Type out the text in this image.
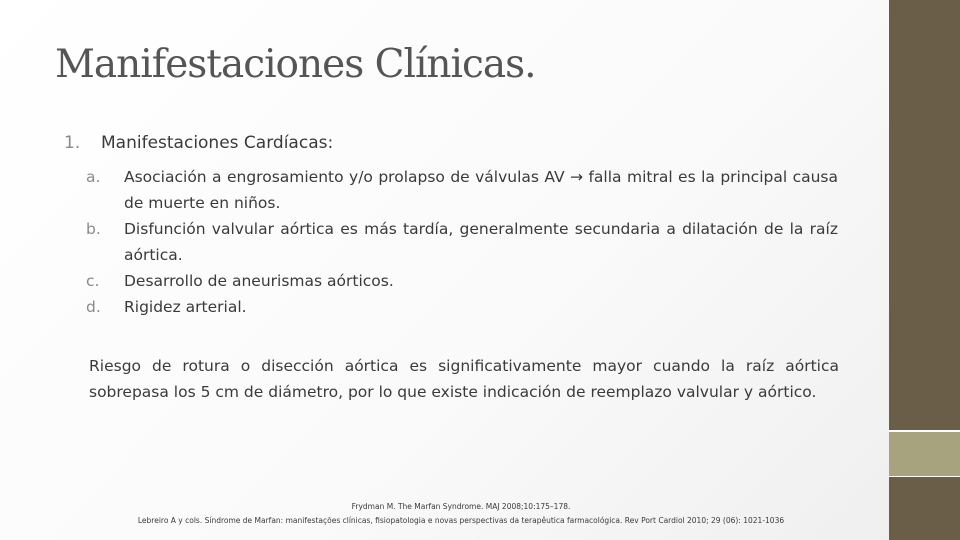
Manifestaciones Clínicas.
1. Manifestaciones Cardíacas:
a. Asociación a engrosamiento y/o prolapso de válvulas AV → falla mitral es la principal causa de muerte en niños.
b. Disfunción valvular aórtica es más tardía, generalmente secundaria a dilatación de la raíz aórtica.
c. Desarrollo de aneurismas aórticos.
d. Rigidez arterial.
Riesgo de rotura o disección aórtica es significativamente mayor cuando la raíz aórtica sobrepasa los 5 cm de diámetro, por lo que existe indicación de reemplazo valvular y aórtico.
Frydman M. The Marfan Syndrome. MAJ 2008;10:175–178.
Lebreiro A y cols. Síndrome de Marfan: manifestações clínicas, fisiopatologia e novas perspectivas da terapêutica farmacológica. Rev Port Cardiol 2010; 29 (06): 1021-1036
